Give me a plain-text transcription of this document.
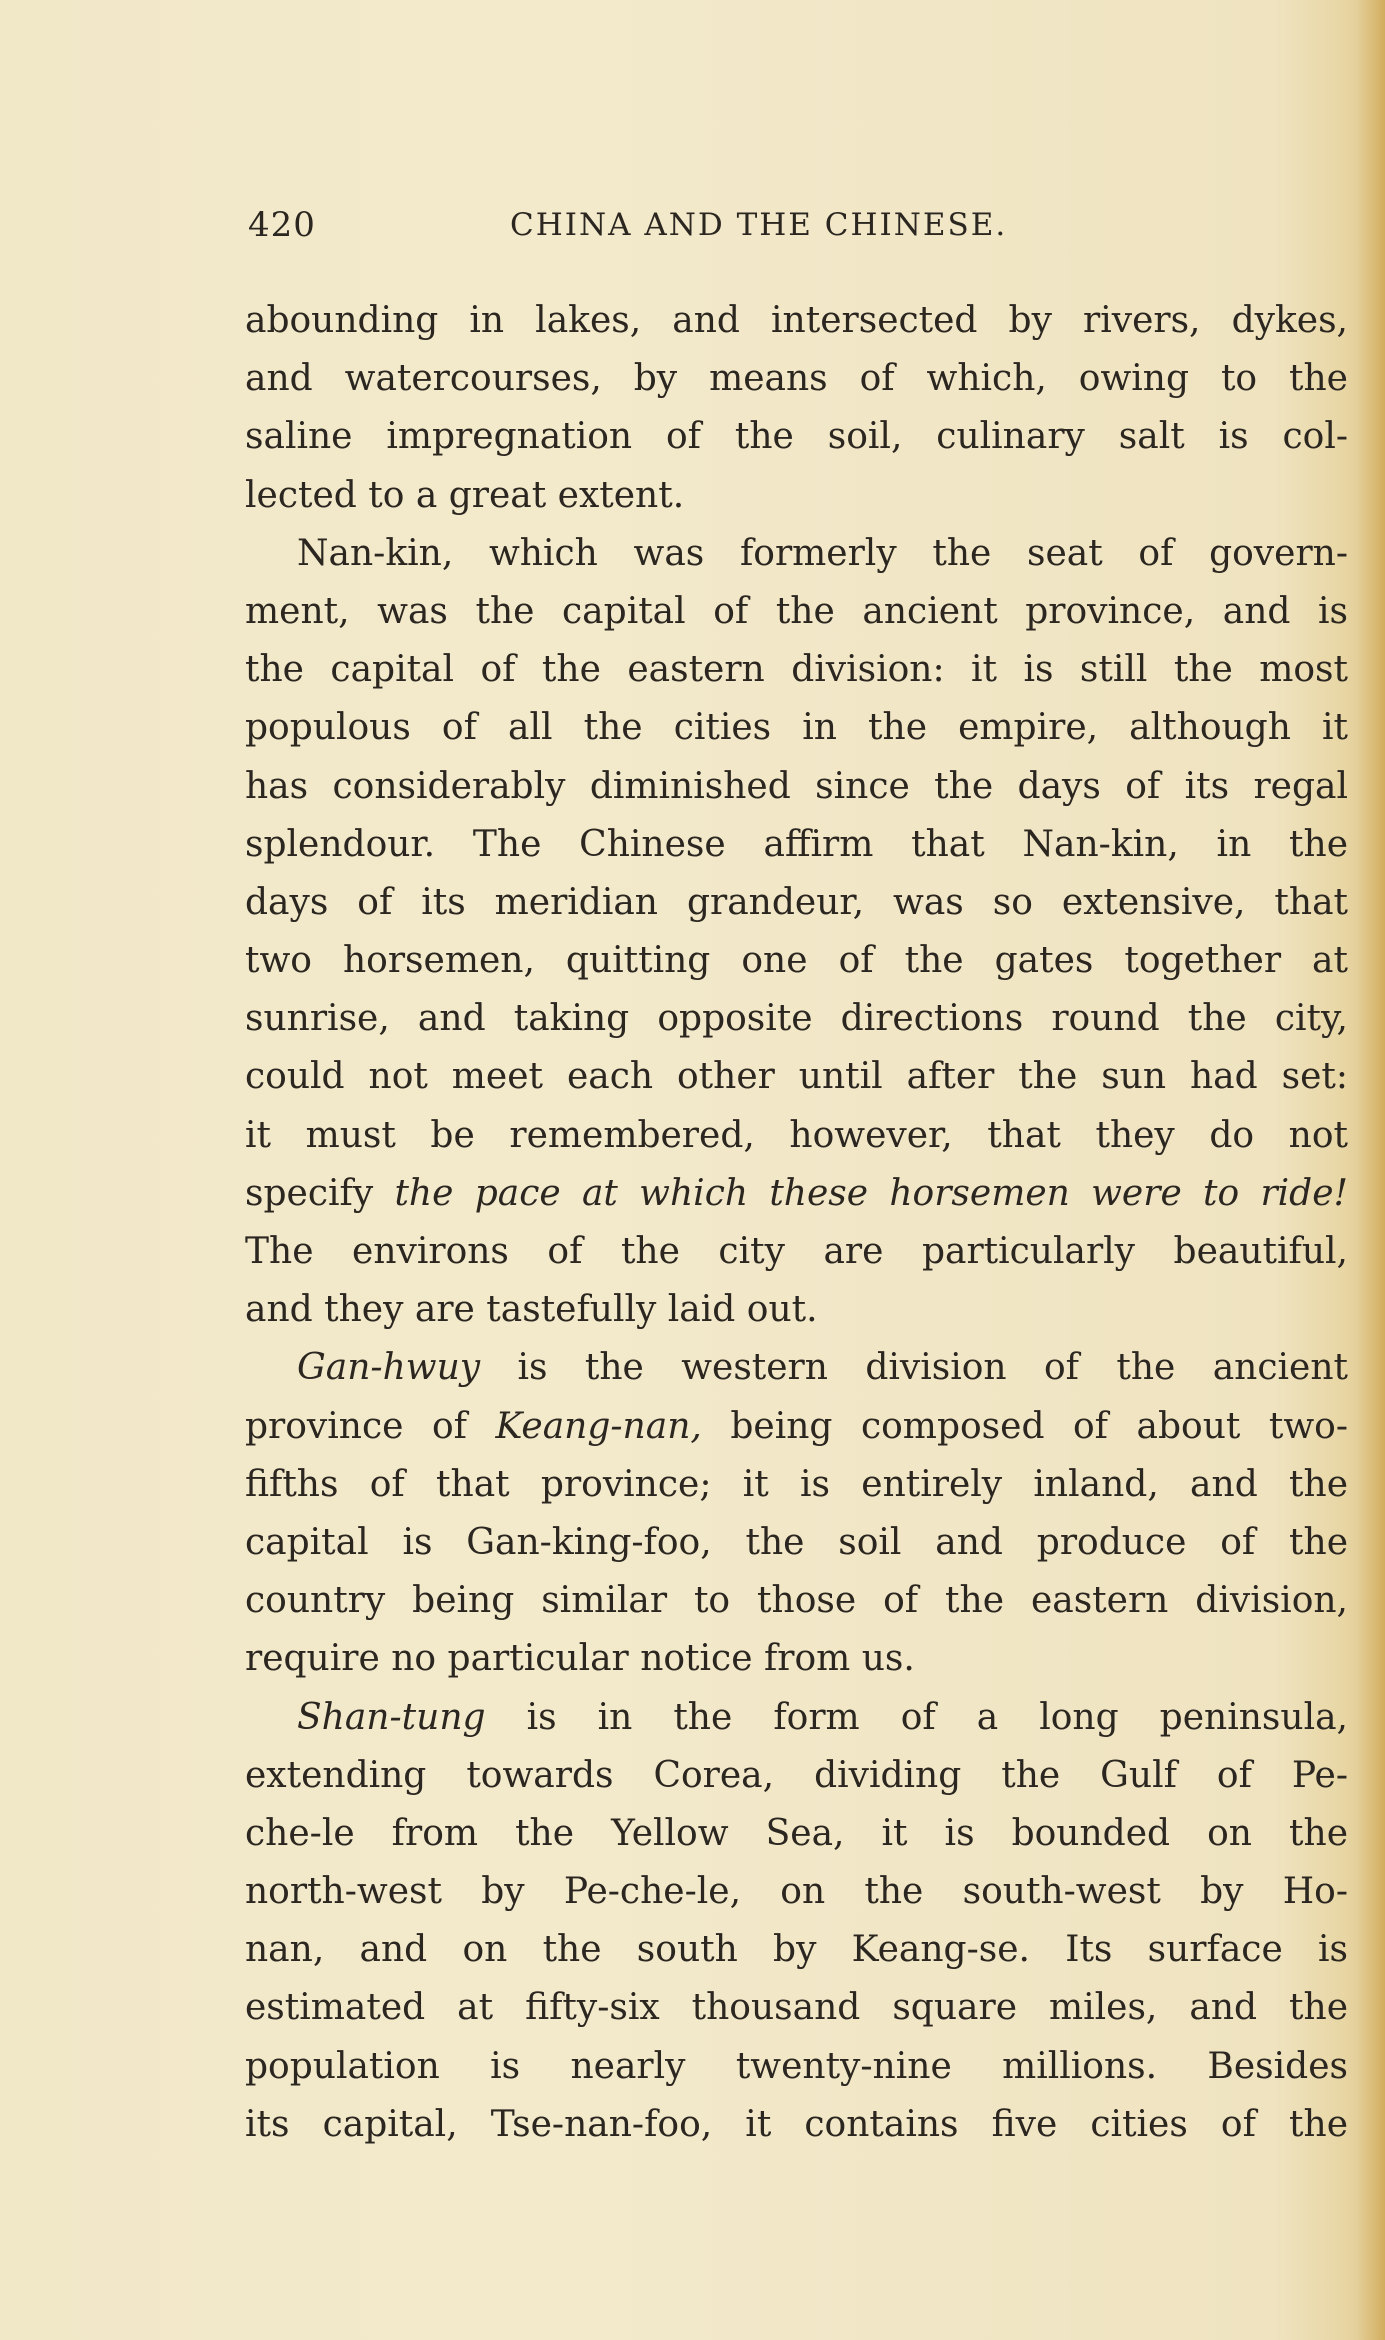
420	CHINA AND THE CHINESE.
abounding in lakes, and intersected by rivers, dykes,
and watercourses, by means of which, owing to the
saline impregnation of the soil, culinary salt is col-
lected to a great extent.
Nan-kin, which was formerly the seat of govern-
ment, was the capital of the ancient province, and is
the capital of the eastern division: it is still the most
populous of all the cities in the empire, although it
has considerably diminished since the days of its regal
splendour. The Chinese affirm that Nan-kin, in the
days of its meridian grandeur, was so extensive, that
two horsemen, quitting one of the gates together at
sunrise, and taking opposite directions round the city,
could not meet each other until after the sun had set:
it must be remembered, however, that they do not
specify the pace at which these horsemen were to ride!
The environs of the city are particularly beautiful,
and they are tastefully laid out.
Gan-hwuy is the western division of the ancient
province of Keang-nan, being composed of about two-
fifths of that province; it is entirely inland, and the
capital is Gan-king-foo, the soil and produce of the
country being similar to those of the eastern division,
require no particular notice from us.
Shan-tung is in the form of a long peninsula,
extending towards Corea, dividing the Gulf of Pe-
che-le from the Yellow Sea, it is bounded on the
north-west by Pe-che-le, on the south-west by Ho-
nan, and on the south by Keang-se. Its surface is
estimated at fifty-six thousand square miles, and the
population is nearly twenty-nine millions. Besides
its capital, Tse-nan-foo, it contains five cities of the
